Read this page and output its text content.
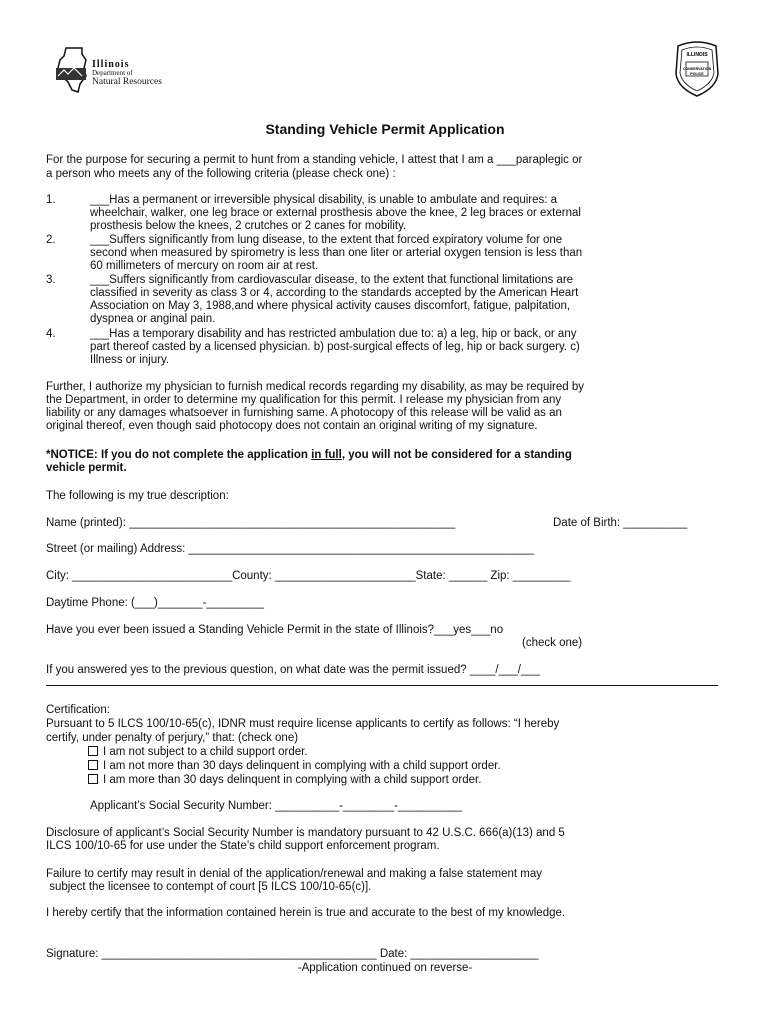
Illinois
Department of
Natural Resources
ILLINOIS
CONSERVATION
POLICE
Standing Vehicle Permit Application
For the purpose for securing a permit to hunt from a standing vehicle, I attest that I am a ___paraplegic or
a person who meets any of the following criteria (please check one) :
1.	___Has a permanent or irreversible physical disability, is unable to ambulate and requires: a
wheelchair, walker, one leg brace or external prosthesis above the knee, 2 leg braces or external
prosthesis below the knees, 2 crutches or 2 canes for mobility.
2.	___Suffers significantly from lung disease, to the extent that forced expiratory volume for one
second when measured by spirometry is less than one liter or arterial oxygen tension is less than
60 millimeters of mercury on room air at rest.
3.	___Suffers significantly from cardiovascular disease, to the extent that functional limitations are
classified in severity as class 3 or 4, according to the standards accepted by the American Heart
Association on May 3, 1988,and where physical activity causes discomfort, fatigue, palpitation,
dyspnea or anginal pain.
4.	___Has a temporary disability and has restricted ambulation due to: a) a leg, hip or back, or any
part thereof casted by a licensed physician. b) post-surgical effects of leg, hip or back surgery. c)
Illness or injury.
Further, I authorize my physician to furnish medical records regarding my disability, as may be required by
the Department, in order to determine my qualification for this permit. I release my physician from any
liability or any damages whatsoever in furnishing same. A photocopy of this release will be valid as an
original thereof, even though said photocopy does not contain an original writing of my signature.
*NOTICE: If you do not complete the application in full, you will not be considered for a standing
vehicle permit.
The following is my true description:
Name (printed): ___________________________________________________	Date of Birth: __________
Street (or mailing) Address: ______________________________________________________
City: _________________________County: ______________________State: ______ Zip: _________
Daytime Phone: (___)_______-_________
Have you ever been issued a Standing Vehicle Permit in the state of Illinois?___yes___no
(check one)
If you answered yes to the previous question, on what date was the permit issued? ____/___/___
Certification:
Pursuant to 5 ILCS 100/10-65(c), IDNR must require license applicants to certify as follows: “I hereby
certify, under penalty of perjury,” that: (check one)
I am not subject to a child support order.
I am not more than 30 days delinquent in complying with a child support order.
I am more than 30 days delinquent in complying with a child support order.
Applicant’s Social Security Number: __________-________-__________
Disclosure of applicant’s Social Security Number is mandatory pursuant to 42 U.S.C. 666(a)(13) and 5
ILCS 100/10-65 for use under the State’s child support enforcement program.
Failure to certify may result in denial of the application/renewal and making a false statement may
subject the licensee to contempt of court [5 ILCS 100/10-65(c)].
I hereby certify that the information contained herein is true and accurate to the best of my knowledge.
Signature: ___________________________________________ Date: ____________________
-Application continued on reverse-
